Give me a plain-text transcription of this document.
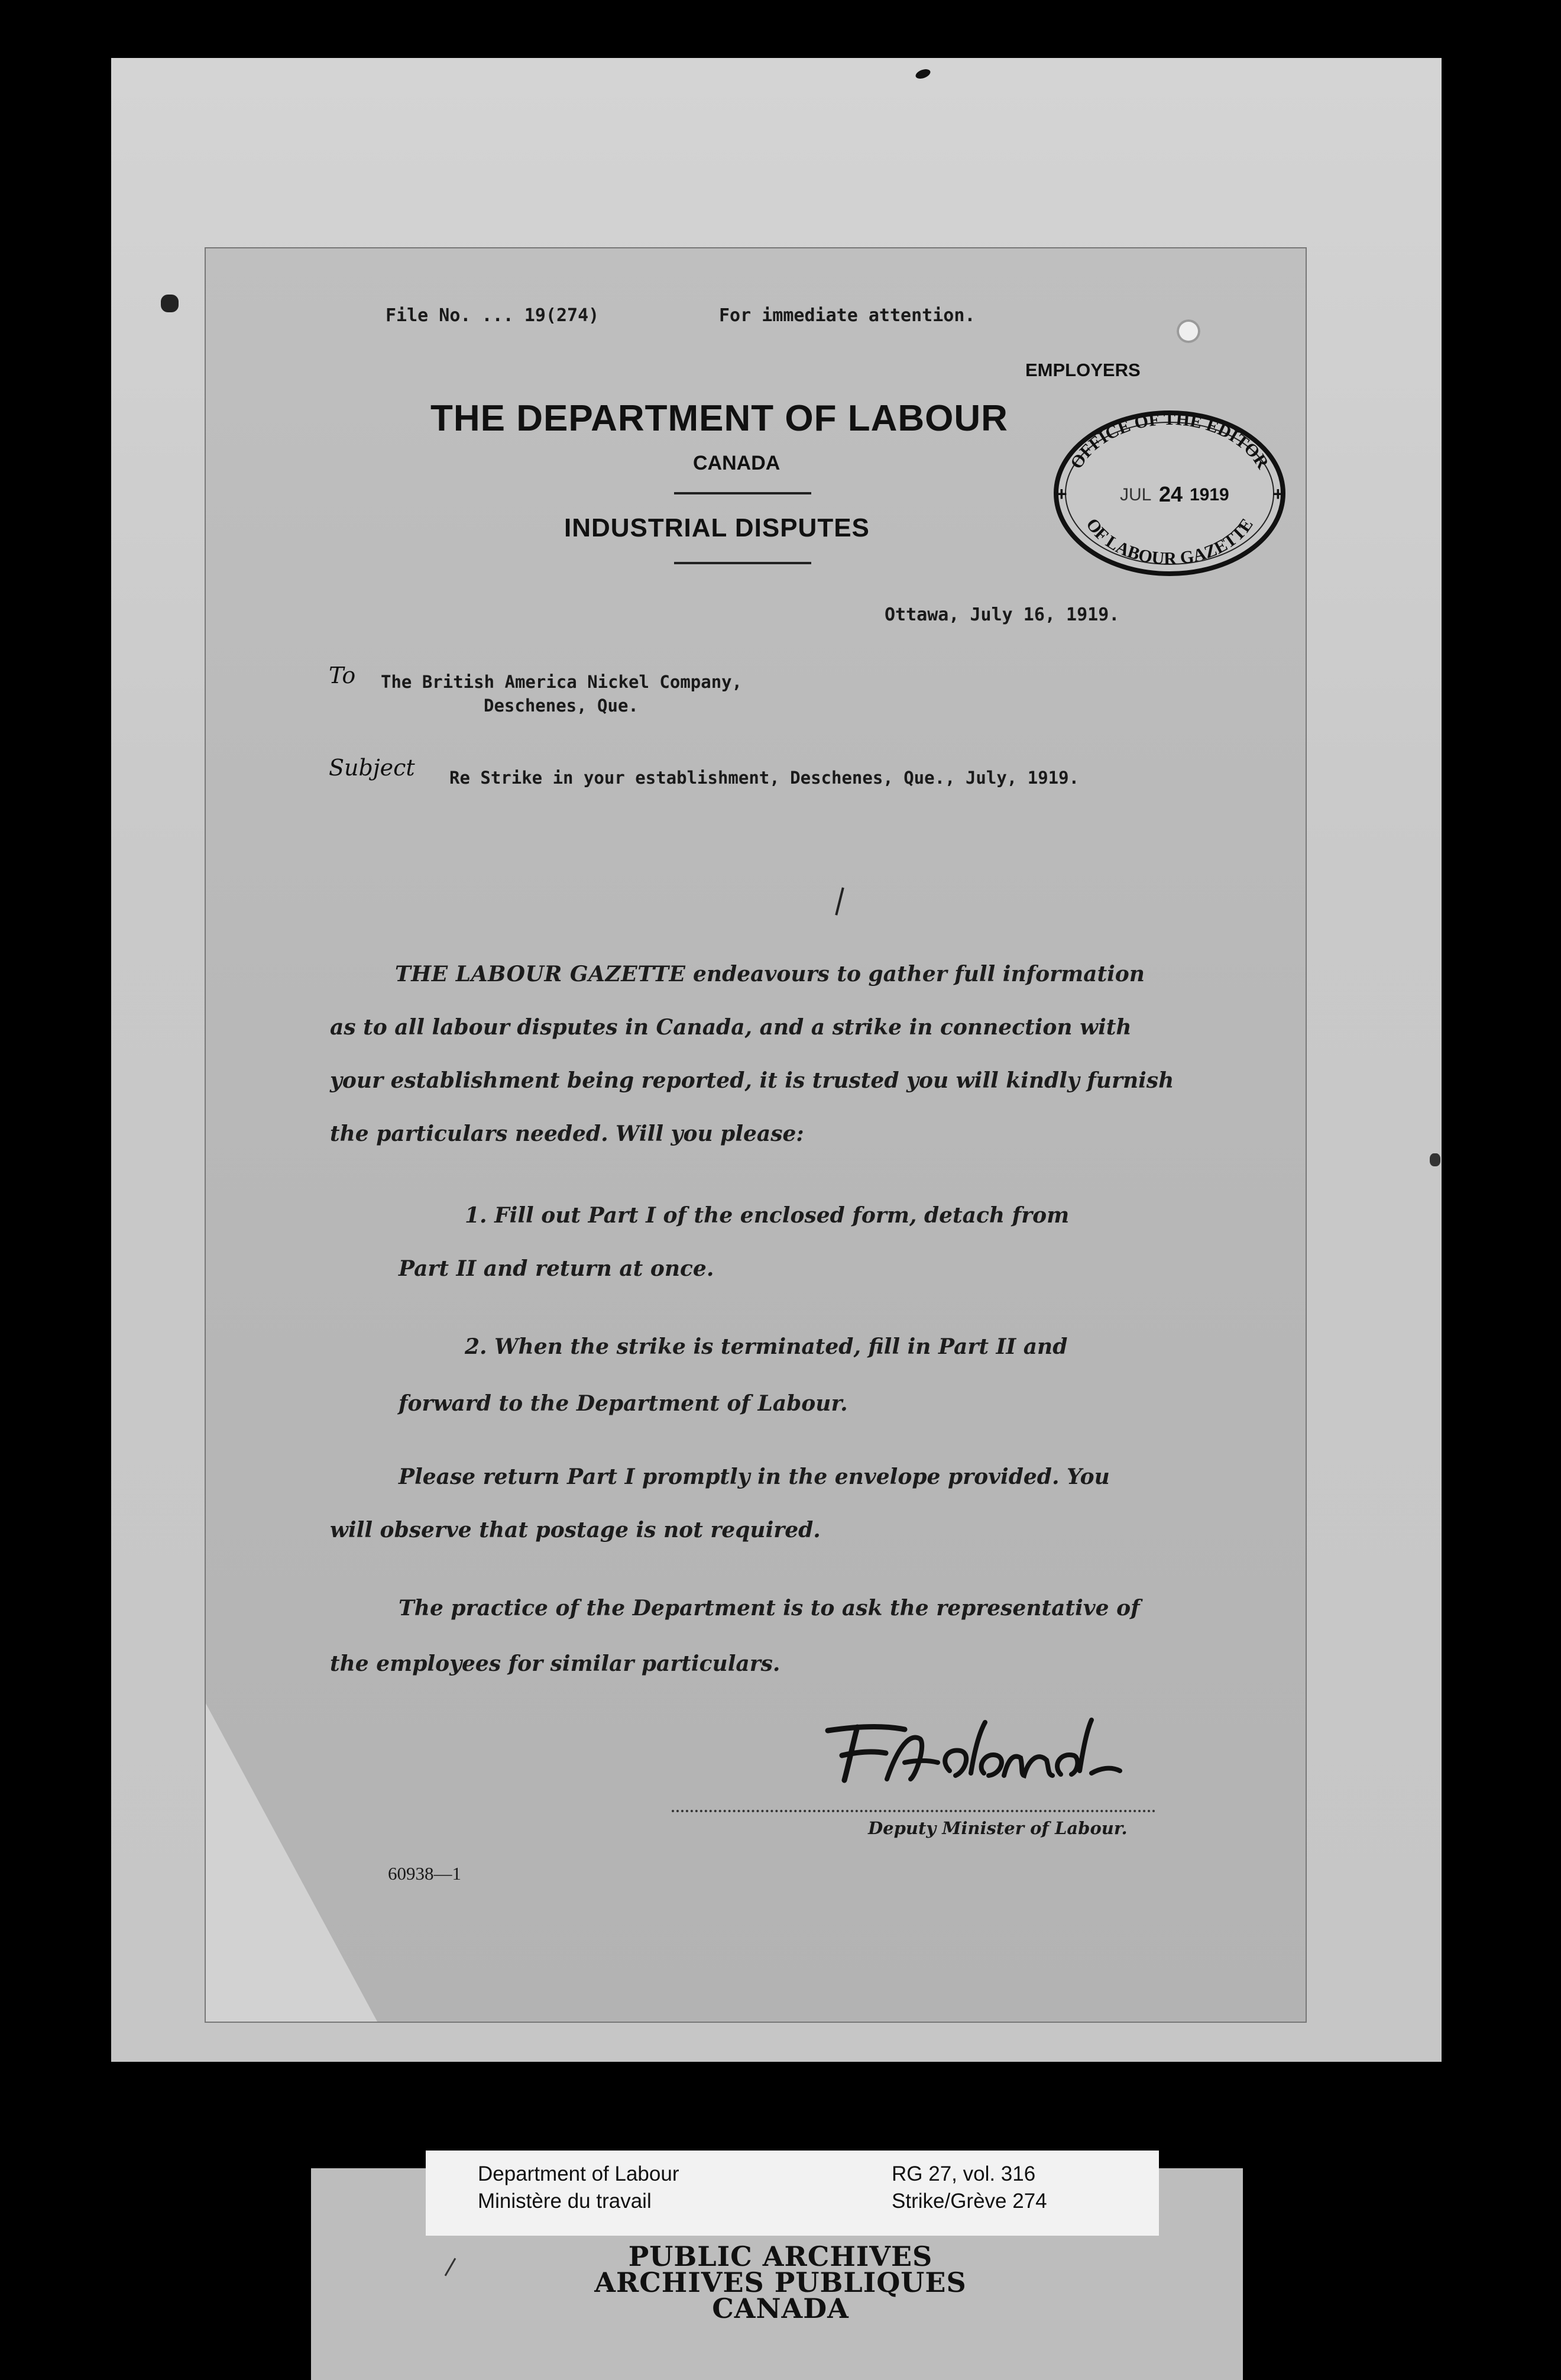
File No. ... 19(274)	For immediate attention.
EMPLOYERS
THE DEPARTMENT OF LABOUR
CANADA
INDUSTRIAL DISPUTES
OFFICE OF THE EDITOR
OF LABOUR GAZETTE
JUL 24 1919
+	+
Ottawa, July 16, 1919.
To The British America Nickel Company,
Deschenes, Que.
Subject Re Strike in your establishment, Deschenes, Que., July, 1919.
THE LABOUR GAZETTE endeavours to gather full information
as to all labour disputes in Canada, and a strike in connection with
your establishment being reported, it is trusted you will kindly furnish
the particulars needed. Will you please:
1. Fill out Part I of the enclosed form, detach from
Part II and return at once.
2. When the strike is terminated, fill in Part II and
forward to the Department of Labour.
Please return Part I promptly in the envelope provided. You
will observe that postage is not required.
The practice of the Department is to ask the representative of
the employees for similar particulars.
Deputy Minister of Labour.
60938—1
Department of Labour
Ministère du travail
RG 27, vol. 316
Strike/Grève 274
PUBLIC ARCHIVES
ARCHIVES PUBLIQUES
CANADA
